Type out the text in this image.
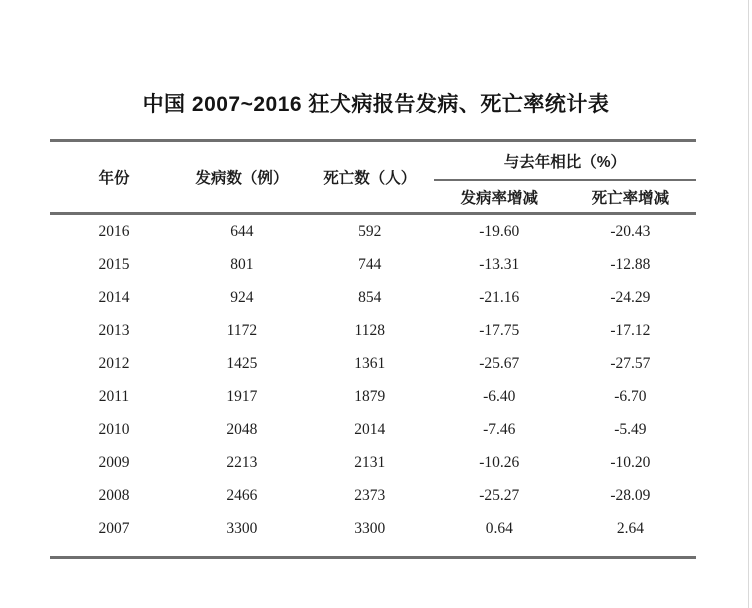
中国 2007~2016 狂犬病报告发病、死亡率统计表
年份	发病数（例）	死亡数（人）	与去年相比（%）	
			发病率增减	死亡率增减
2016	644	592	-19.60	-20.43
2015	801	744	-13.31	-12.88
2014	924	854	-21.16	-24.29
2013	1172	1128	-17.75	-17.12
2012	1425	1361	-25.67	-27.57
2011	1917	1879	-6.40	-6.70
2010	2048	2014	-7.46	-5.49
2009	2213	2131	-10.26	-10.20
2008	2466	2373	-25.27	-28.09
2007	3300	3300	0.64	2.64
